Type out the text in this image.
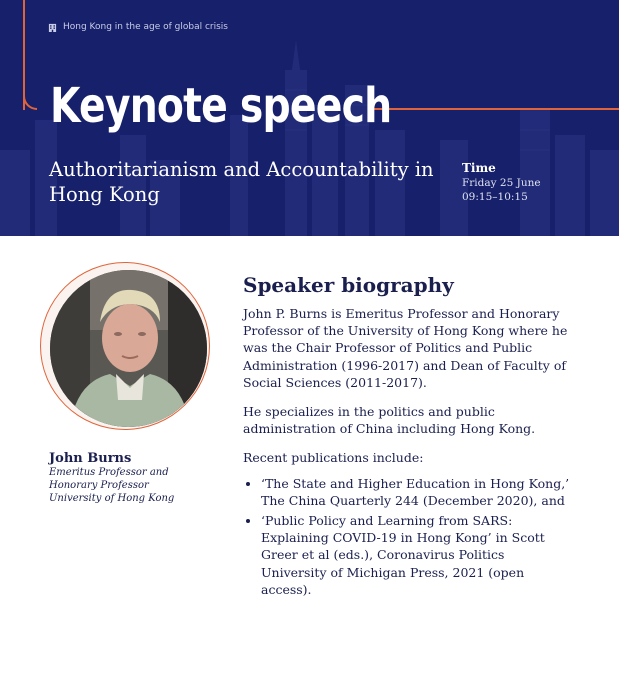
Hong Kong in the age of global crisis
Keynote speech
Authoritarianism and Accountability in Hong Kong
Time
Friday 25 June
09:15–10:15
John Burns
Emeritus Professor and Honorary Professor
University of Hong Kong
Speaker biography

John P. Burns is Emeritus Professor and Honorary Professor of the University of Hong Kong where he was the Chair Professor of Politics and Public Administration (1996-2017) and Dean of Faculty of Social Sciences (2011-2017).

He specializes in the politics and public administration of China including Hong Kong.

Recent publications include:

• ‘The State and Higher Education in Hong Kong,’ The China Quarterly 244 (December 2020), and
• ‘Public Policy and Learning from SARS: Explaining COVID-19 in Hong Kong’ in Scott Greer et al (eds.), Coronavirus Politics University of Michigan Press, 2021 (open access).
